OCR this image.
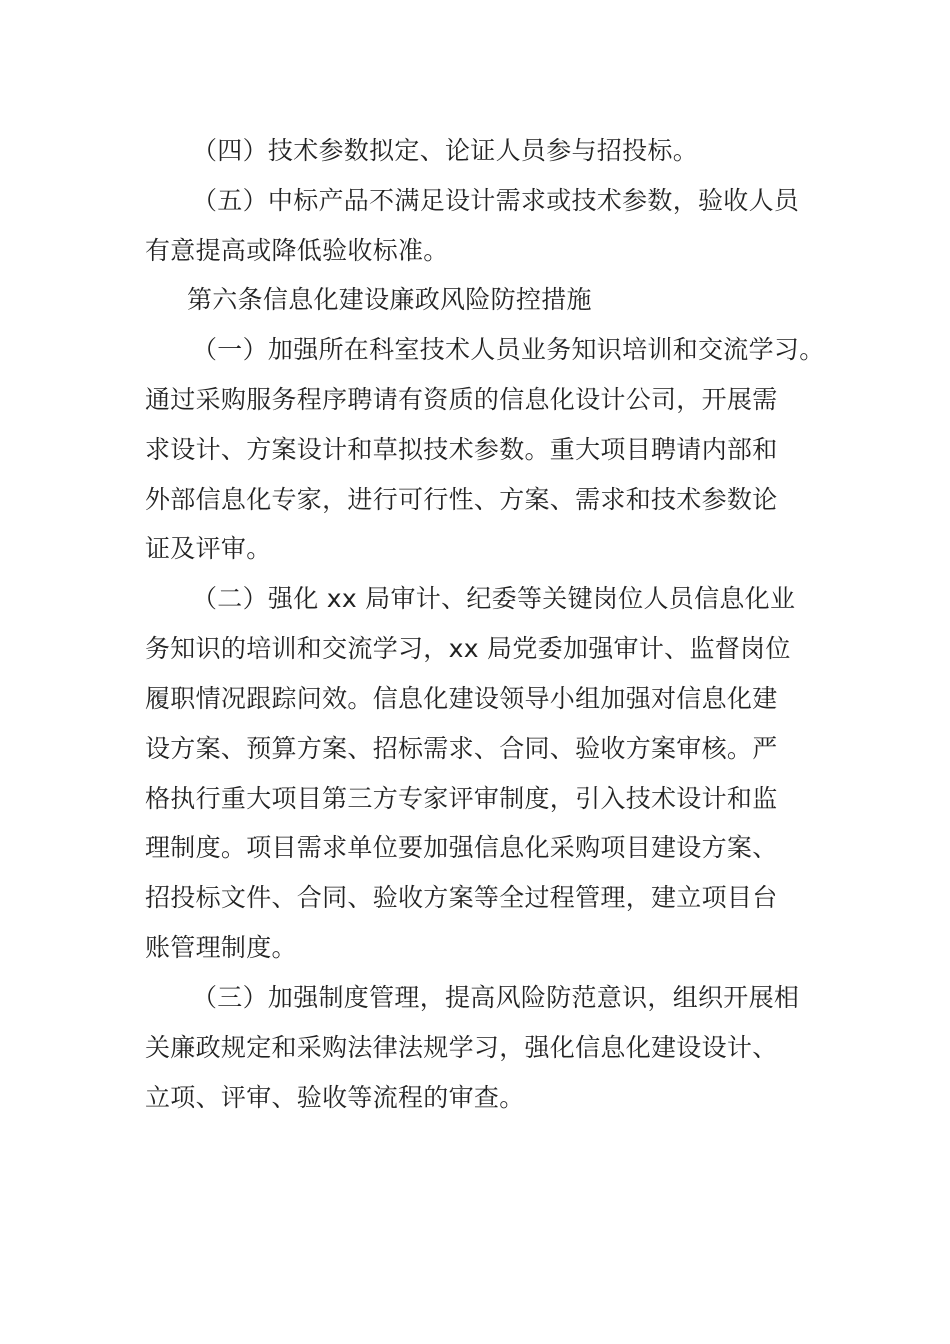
（四）技术参数拟定、论证人员参与招投标。
（五）中标产品不满足设计需求或技术参数，验收人员
有意提高或降低验收标准。
第六条信息化建设廉政风险防控措施
（一）加强所在科室技术人员业务知识培训和交流学习。
通过采购服务程序聘请有资质的信息化设计公司，开展需
求设计、方案设计和草拟技术参数。重大项目聘请内部和
外部信息化专家，进行可行性、方案、需求和技术参数论
证及评审。
（二）强化 xx 局审计、纪委等关键岗位人员信息化业
务知识的培训和交流学习，xx 局党委加强审计、监督岗位
履职情况跟踪问效。信息化建设领导小组加强对信息化建
设方案、预算方案、招标需求、合同、验收方案审核。严
格执行重大项目第三方专家评审制度，引入技术设计和监
理制度。项目需求单位要加强信息化采购项目建设方案、
招投标文件、合同、验收方案等全过程管理，建立项目台
账管理制度。
（三）加强制度管理，提高风险防范意识，组织开展相
关廉政规定和采购法律法规学习，强化信息化建设设计、
立项、评审、验收等流程的审查。
